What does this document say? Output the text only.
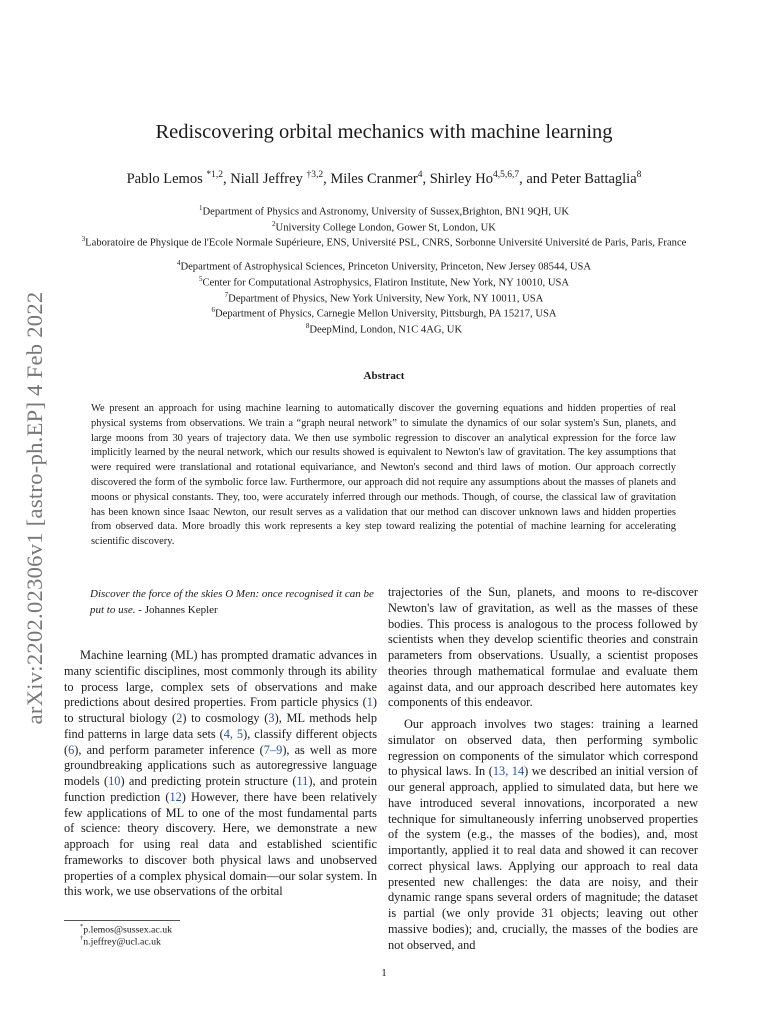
arXiv:2202.02306v1 [astro-ph.EP] 4 Feb 2022
Rediscovering orbital mechanics with machine learning
Pablo Lemos $^{*1,2}$, Niall Jeffrey $^{\dagger 3,2}$, Miles Cranmer$^4$, Shirley Ho$^{4,5,6,7}$, and Peter Battaglia$^8$
$^1$Department of Physics and Astronomy, University of Sussex,Brighton, BN1 9QH, UK
$^2$University College London, Gower St, London, UK
$^3$Laboratoire de Physique de l'Ecole Normale Supérieure, ENS, Université PSL, CNRS, Sorbonne Université Université de Paris, Paris, France
$^4$Department of Astrophysical Sciences, Princeton University, Princeton, New Jersey 08544, USA
$^5$Center for Computational Astrophysics, Flatiron Institute, New York, NY 10010, USA
$^7$Department of Physics, New York University, New York, NY 10011, USA
$^6$Department of Physics, Carnegie Mellon University, Pittsburgh, PA 15217, USA
$^8$DeepMind, London, N1C 4AG, UK
Abstract
We present an approach for using machine learning to automatically discover the governing equations and hidden properties of real physical systems from observations. We train a “graph neural network” to simulate the dynamics of our solar system's Sun, planets, and large moons from 30 years of trajectory data. We then use symbolic regression to discover an analytical expression for the force law implicitly learned by the neural network, which our results showed is equivalent to Newton's law of gravitation. The key assumptions that were required were translational and rotational equivariance, and Newton's second and third laws of motion. Our approach correctly discovered the form of the symbolic force law. Furthermore, our approach did not require any assumptions about the masses of planets and moons or physical constants. They, too, were accurately inferred through our methods. Though, of course, the classical law of gravitation has been known since Isaac Newton, our result serves as a validation that our method can discover unknown laws and hidden properties from observed data. More broadly this work represents a key step toward realizing the potential of machine learning for accelerating scientific discovery.
Discover the force of the skies O Men: once recognised it can be put to use. - Johannes Kepler

Machine learning (ML) has prompted dramatic advances in many scientific disciplines, most commonly through its ability to process large, complex sets of observations and make predictions about desired properties. From particle physics (1) to structural biology (2) to cosmology (3), ML methods help find patterns in large data sets (4, 5), classify different objects (6), and perform parameter inference (7–9), as well as more groundbreaking applications such as autoregressive language models (10) and predicting protein structure (11), and protein function prediction (12) However, there have been relatively few applications of ML to one of the most fundamental parts of science: theory discovery. Here, we demonstrate a new approach for using real data and established scientific frameworks to discover both physical laws and unobserved properties of a complex physical domain—our solar system. In this work, we use observations of the orbital

trajectories of the Sun, planets, and moons to re-discover Newton's law of gravitation, as well as the masses of these bodies. This process is analogous to the process followed by scientists when they develop scientific theories and constrain parameters from observations. Usually, a scientist proposes theories through mathematical formulae and evaluate them against data, and our approach described here automates key components of this endeavor.

Our approach involves two stages: training a learned simulator on observed data, then performing symbolic regression on components of the simulator which correspond to physical laws. In (13, 14) we described an initial version of our general approach, applied to simulated data, but here we have introduced several innovations, incorporated a new technique for simultaneously inferring unobserved properties of the system (e.g., the masses of the bodies), and, most importantly, applied it to real data and showed it can recover correct physical laws. Applying our approach to real data presented new challenges: the data are noisy, and their dynamic range spans several orders of magnitude; the dataset is partial (we only provide 31 objects; leaving out other massive bodies); and, crucially, the masses of the bodies are not observed, and

*p.lemos@sussex.ac.uk
†n.jeffrey@ucl.ac.uk
1
